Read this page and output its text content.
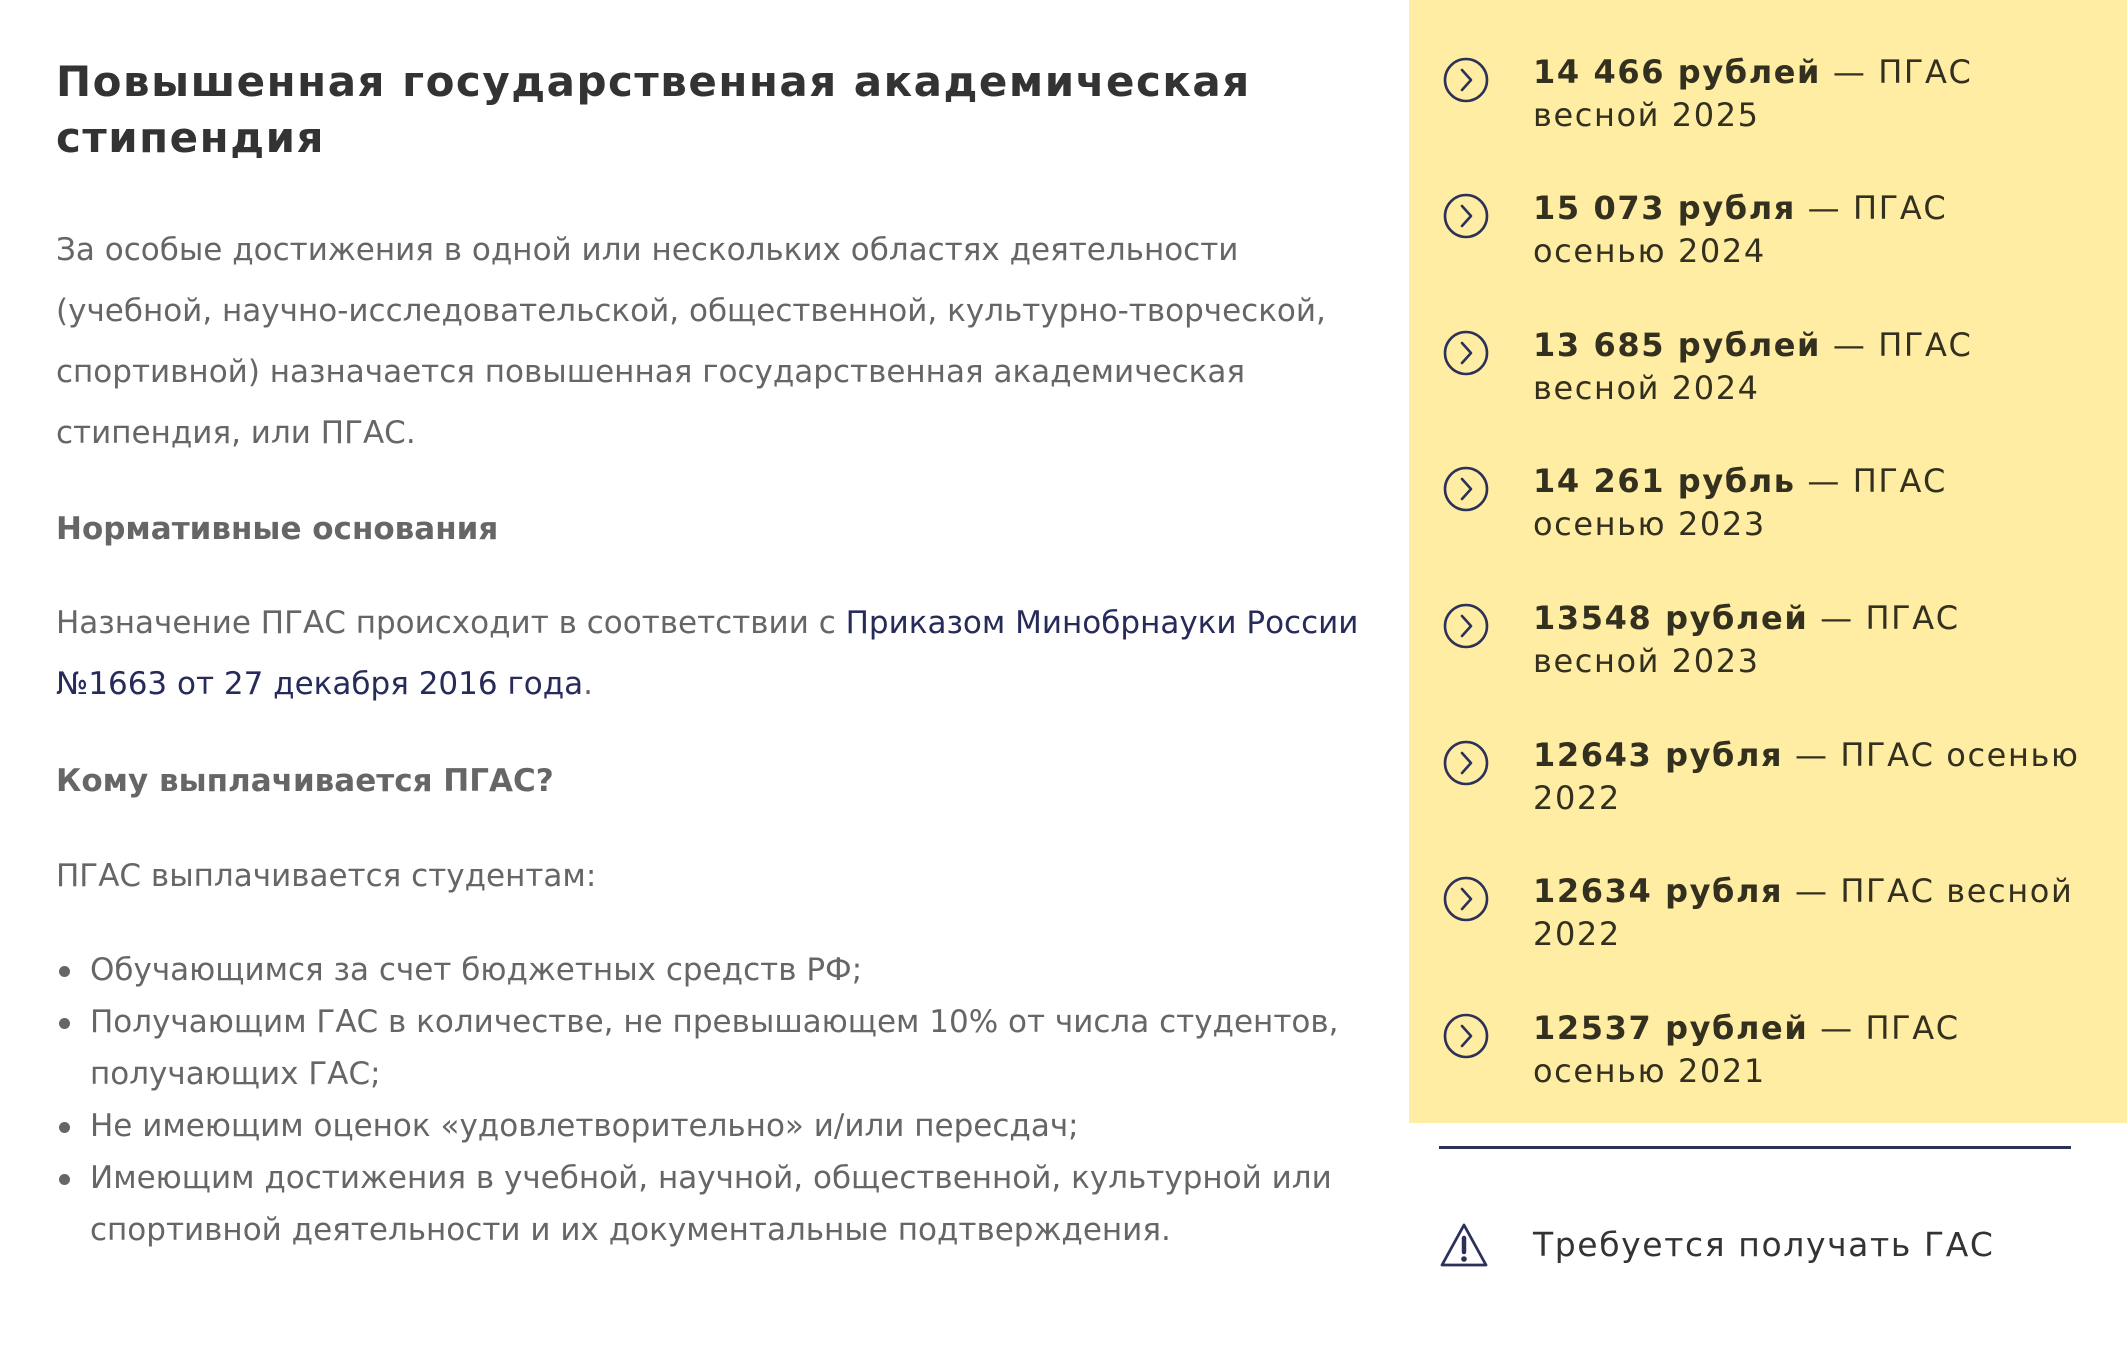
Повышенная государственная академическая
стипендия

За особые достижения в одной или нескольких областях деятельности
(учебной, научно-исследовательской, общественной, культурно-творческой,
спортивной) назначается повышенная государственная академическая
стипендия, или ПГАС.

Нормативные основания

Назначение ПГАС происходит в соответствии с Приказом Минобрнауки России
№1663 от 27 декабря 2016 года.

Кому выплачивается ПГАС?

ПГАС выплачивается студентам:

Обучающимся за счет бюджетных средств РФ;
Получающим ГАС в количестве, не превышающем 10% от числа студентов,
получающих ГАС;
Не имеющим оценок «удовлетворительно» и/или пересдач;
Имеющим достижения в учебной, научной, общественной, культурной или
спортивной деятельности и их документальные подтверждения.
14 466 рублей — ПГАС
весной 2025
15 073 рубля — ПГАС
осенью 2024
13 685 рублей — ПГАС
весной 2024
14 261 рубль — ПГАС
осенью 2023
13548 рублей — ПГАС
весной 2023
12643 рубля — ПГАС осенью
2022
12634 рубля — ПГАС весной
2022
12537 рублей — ПГАС
осенью 2021
Требуется получать ГАС
